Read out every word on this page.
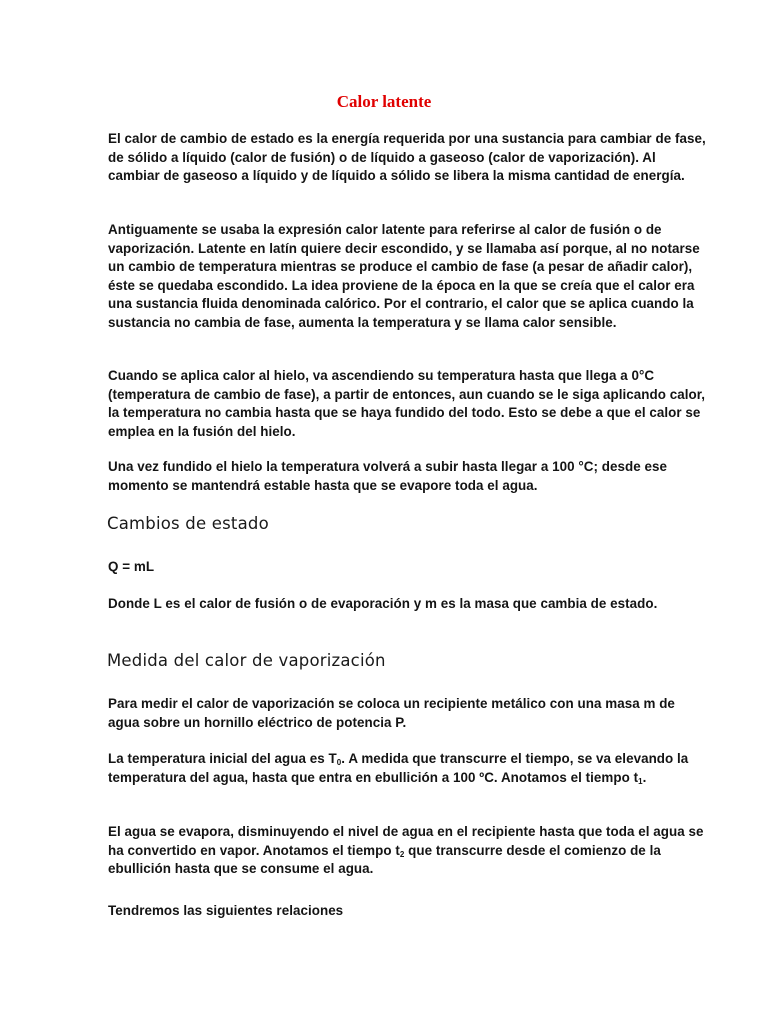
Calor latente

El calor de cambio de estado es la energía requerida por una sustancia para cambiar de fase, de sólido a líquido (calor de fusión) o de líquido a gaseoso (calor de vaporización). Al cambiar de gaseoso a líquido y de líquido a sólido se libera la misma cantidad de energía.

Antiguamente se usaba la expresión calor latente para referirse al calor de fusión o de vaporización. Latente en latín quiere decir escondido, y se llamaba así porque, al no notarse un cambio de temperatura mientras se produce el cambio de fase (a pesar de añadir calor), éste se quedaba escondido. La idea proviene de la época en la que se creía que el calor era una sustancia fluida denominada calórico. Por el contrario, el calor que se aplica cuando la sustancia no cambia de fase, aumenta la temperatura y se llama calor sensible.

Cuando se aplica calor al hielo, va ascendiendo su temperatura hasta que llega a 0°C (temperatura de cambio de fase), a partir de entonces, aun cuando se le siga aplicando calor, la temperatura no cambia hasta que se haya fundido del todo. Esto se debe a que el calor se emplea en la fusión del hielo.

Una vez fundido el hielo la temperatura volverá a subir hasta llegar a 100 °C; desde ese momento se mantendrá estable hasta que se evapore toda el agua.

Cambios de estado

Q = mL

Donde L es el calor de fusión o de evaporación y m es la masa que cambia de estado.

Medida del calor de vaporización

Para medir el calor de vaporización se coloca un recipiente metálico con una masa m de agua sobre un hornillo eléctrico de potencia P.

La temperatura inicial del agua es $T_0$. A medida que transcurre el tiempo, se va elevando la temperatura del agua, hasta que entra en ebullición a 100 ºC. Anotamos el tiempo $t_1$.

El agua se evapora, disminuyendo el nivel de agua en el recipiente hasta que toda el agua se ha convertido en vapor. Anotamos el tiempo $t_2$ que transcurre desde el comienzo de la ebullición hasta que se consume el agua.

Tendremos las siguientes relaciones
